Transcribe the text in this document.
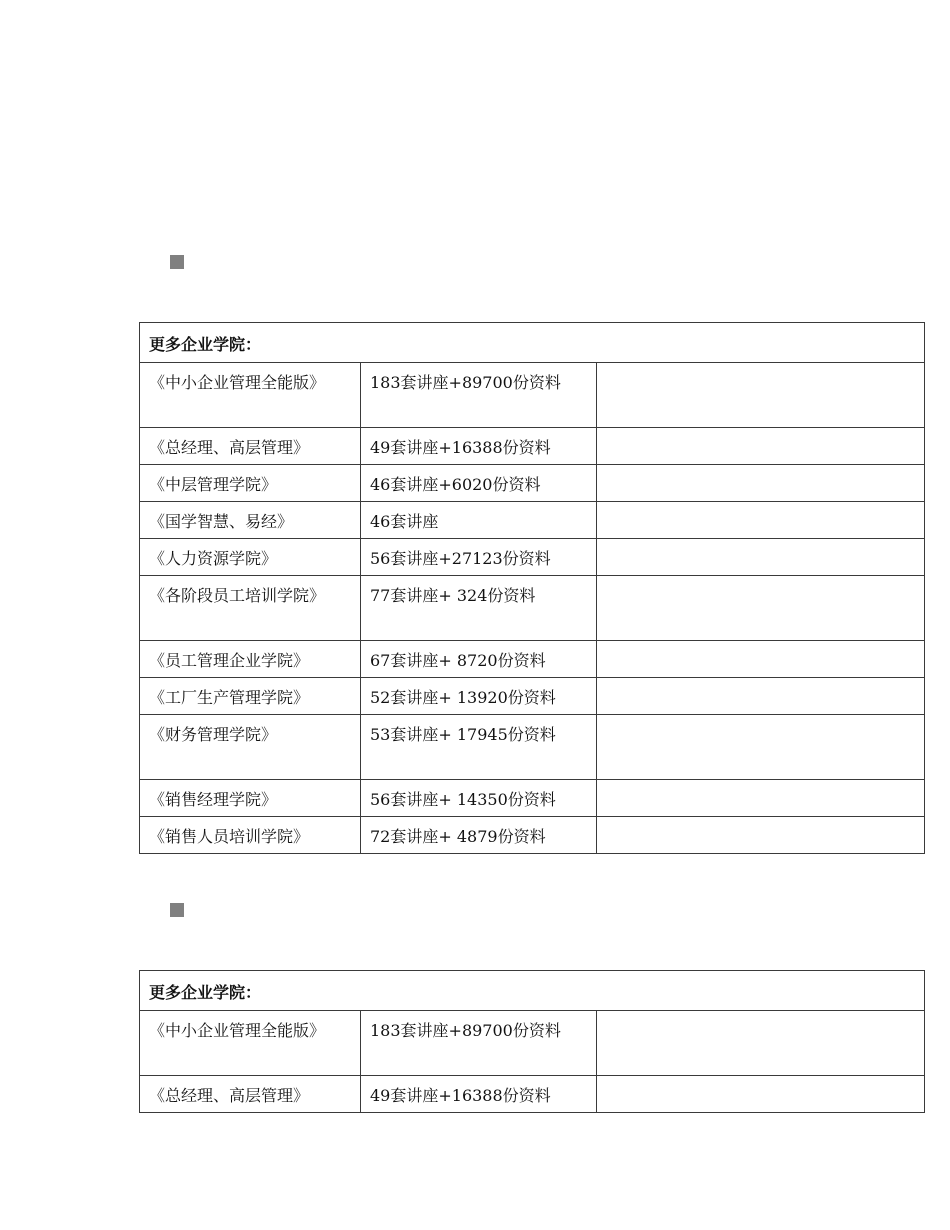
更多企业学院：		
《中小企业管理全能版》	183套讲座+89700份资料	
《总经理、高层管理》	49套讲座+16388份资料	
《中层管理学院》	46套讲座+6020份资料	
《国学智慧、易经》	46套讲座	
《人力资源学院》	56套讲座+27123份资料	
《各阶段员工培训学院》	77套讲座+ 324份资料	
《员工管理企业学院》	67套讲座+ 8720份资料	
《工厂生产管理学院》	52套讲座+ 13920份资料	
《财务管理学院》	53套讲座+ 17945份资料	
《销售经理学院》	56套讲座+ 14350份资料	
《销售人员培训学院》	72套讲座+ 4879份资料	
更多企业学院：		
《中小企业管理全能版》	183套讲座+89700份资料	
《总经理、高层管理》	49套讲座+16388份资料	
